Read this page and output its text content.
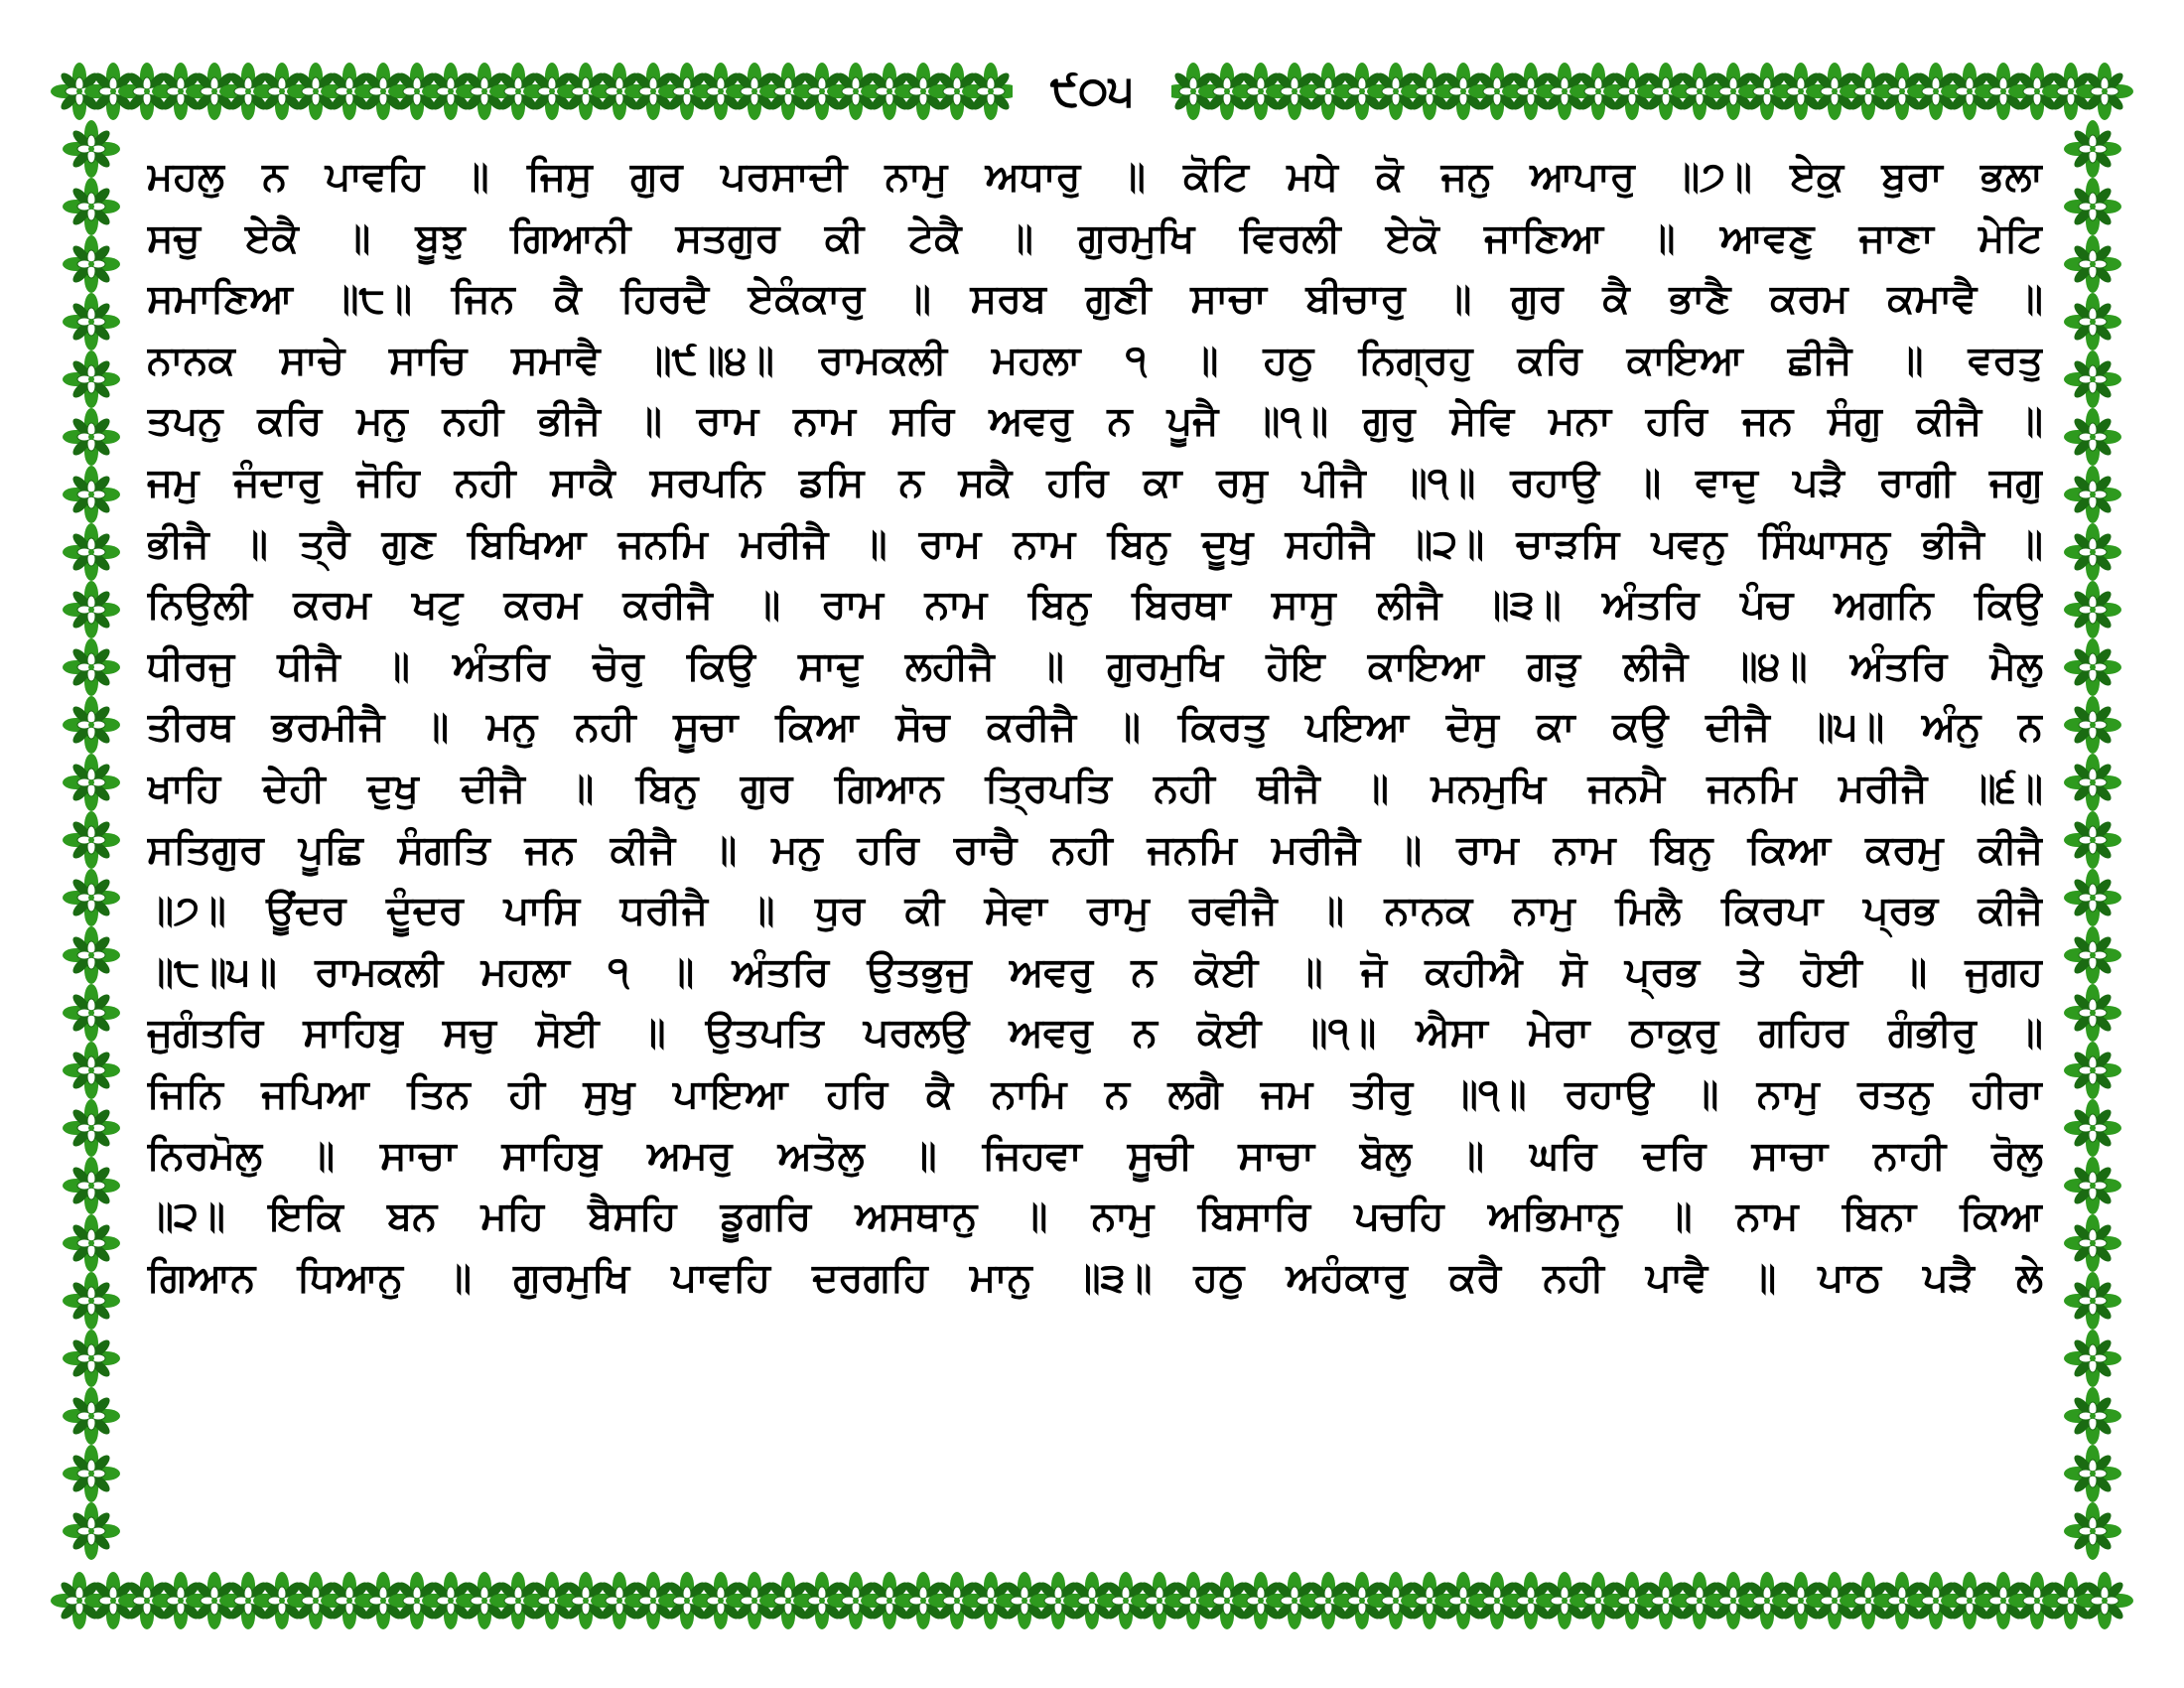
੯੦੫
ਮਹਲੁ ਨ ਪਾਵਹਿ ॥ ਜਿਸੁ ਗੁਰ ਪਰਸਾਦੀ ਨਾਮੁ ਅਧਾਰੁ ॥ ਕੋਟਿ ਮਧੇ ਕੋ ਜਨੁ ਆਪਾਰੁ ॥੭॥ ਏਕੁ ਬੁਰਾ ਭਲਾ
ਸਚੁ ਏਕੈ ॥ ਬੂਝੁ ਗਿਆਨੀ ਸਤਗੁਰ ਕੀ ਟੇਕੈ ॥ ਗੁਰਮੁਖਿ ਵਿਰਲੀ ਏਕੋ ਜਾਣਿਆ ॥ ਆਵਣੁ ਜਾਣਾ ਮੇਟਿ
ਸਮਾਣਿਆ ॥੮॥ ਜਿਨ ਕੈ ਹਿਰਦੈ ਏਕੰਕਾਰੁ ॥ ਸਰਬ ਗੁਣੀ ਸਾਚਾ ਬੀਚਾਰੁ ॥ ਗੁਰ ਕੈ ਭਾਣੈ ਕਰਮ ਕਮਾਵੈ ॥
ਨਾਨਕ ਸਾਚੇ ਸਾਚਿ ਸਮਾਵੈ ॥੯॥੪॥ ਰਾਮਕਲੀ ਮਹਲਾ ੧ ॥ ਹਠੁ ਨਿਗ੍ਰਹੁ ਕਰਿ ਕਾਇਆ ਛੀਜੈ ॥ ਵਰਤੁ
ਤਪਨੁ ਕਰਿ ਮਨੁ ਨਹੀ ਭੀਜੈ ॥ ਰਾਮ ਨਾਮ ਸਰਿ ਅਵਰੁ ਨ ਪੂਜੈ ॥੧॥ ਗੁਰੁ ਸੇਵਿ ਮਨਾ ਹਰਿ ਜਨ ਸੰਗੁ ਕੀਜੈ ॥
ਜਮੁ ਜੰਦਾਰੁ ਜੋਹਿ ਨਹੀ ਸਾਕੈ ਸਰਪਨਿ ਡਸਿ ਨ ਸਕੈ ਹਰਿ ਕਾ ਰਸੁ ਪੀਜੈ ॥੧॥ ਰਹਾਉ ॥ ਵਾਦੁ ਪੜੈ ਰਾਗੀ ਜਗੁ
ਭੀਜੈ ॥ ਤ੍ਰੈ ਗੁਣ ਬਿਖਿਆ ਜਨਮਿ ਮਰੀਜੈ ॥ ਰਾਮ ਨਾਮ ਬਿਨੁ ਦੂਖੁ ਸਹੀਜੈ ॥੨॥ ਚਾੜਸਿ ਪਵਨੁ ਸਿੰਘਾਸਨੁ ਭੀਜੈ ॥
ਨਿਉਲੀ ਕਰਮ ਖਟੁ ਕਰਮ ਕਰੀਜੈ ॥ ਰਾਮ ਨਾਮ ਬਿਨੁ ਬਿਰਥਾ ਸਾਸੁ ਲੀਜੈ ॥੩॥ ਅੰਤਰਿ ਪੰਚ ਅਗਨਿ ਕਿਉ
ਧੀਰਜੁ ਧੀਜੈ ॥ ਅੰਤਰਿ ਚੋਰੁ ਕਿਉ ਸਾਦੁ ਲਹੀਜੈ ॥ ਗੁਰਮੁਖਿ ਹੋਇ ਕਾਇਆ ਗੜੁ ਲੀਜੈ ॥੪॥ ਅੰਤਰਿ ਮੈਲੁ
ਤੀਰਥ ਭਰਮੀਜੈ ॥ ਮਨੁ ਨਹੀ ਸੂਚਾ ਕਿਆ ਸੋਚ ਕਰੀਜੈ ॥ ਕਿਰਤੁ ਪਇਆ ਦੋਸੁ ਕਾ ਕਉ ਦੀਜੈ ॥੫॥ ਅੰਨੁ ਨ
ਖਾਹਿ ਦੇਹੀ ਦੁਖੁ ਦੀਜੈ ॥ ਬਿਨੁ ਗੁਰ ਗਿਆਨ ਤ੍ਰਿਪਤਿ ਨਹੀ ਥੀਜੈ ॥ ਮਨਮੁਖਿ ਜਨਮੈ ਜਨਮਿ ਮਰੀਜੈ ॥੬॥
ਸਤਿਗੁਰ ਪੂਛਿ ਸੰਗਤਿ ਜਨ ਕੀਜੈ ॥ ਮਨੁ ਹਰਿ ਰਾਚੈ ਨਹੀ ਜਨਮਿ ਮਰੀਜੈ ॥ ਰਾਮ ਨਾਮ ਬਿਨੁ ਕਿਆ ਕਰਮੁ ਕੀਜੈ
॥੭॥ ਊਂਦਰ ਦੂੰਦਰ ਪਾਸਿ ਧਰੀਜੈ ॥ ਧੁਰ ਕੀ ਸੇਵਾ ਰਾਮੁ ਰਵੀਜੈ ॥ ਨਾਨਕ ਨਾਮੁ ਮਿਲੈ ਕਿਰਪਾ ਪ੍ਰਭ ਕੀਜੈ
॥੮॥੫॥ ਰਾਮਕਲੀ ਮਹਲਾ ੧ ॥ ਅੰਤਰਿ ਉਤਭੁਜੁ ਅਵਰੁ ਨ ਕੋਈ ॥ ਜੋ ਕਹੀਐ ਸੋ ਪ੍ਰਭ ਤੇ ਹੋਈ ॥ ਜੁਗਹ
ਜੁਗੰਤਰਿ ਸਾਹਿਬੁ ਸਚੁ ਸੋਈ ॥ ਉਤਪਤਿ ਪਰਲਉ ਅਵਰੁ ਨ ਕੋਈ ॥੧॥ ਐਸਾ ਮੇਰਾ ਠਾਕੁਰੁ ਗਹਿਰ ਗੰਭੀਰੁ ॥
ਜਿਨਿ ਜਪਿਆ ਤਿਨ ਹੀ ਸੁਖੁ ਪਾਇਆ ਹਰਿ ਕੈ ਨਾਮਿ ਨ ਲਗੈ ਜਮ ਤੀਰੁ ॥੧॥ ਰਹਾਉ ॥ ਨਾਮੁ ਰਤਨੁ ਹੀਰਾ
ਨਿਰਮੋਲੁ ॥ ਸਾਚਾ ਸਾਹਿਬੁ ਅਮਰੁ ਅਤੋਲੁ ॥ ਜਿਹਵਾ ਸੂਚੀ ਸਾਚਾ ਬੋਲੁ ॥ ਘਰਿ ਦਰਿ ਸਾਚਾ ਨਾਹੀ ਰੋਲੁ
॥੨॥ ਇਕਿ ਬਨ ਮਹਿ ਬੈਸਹਿ ਡੂਗਰਿ ਅਸਥਾਨੁ ॥ ਨਾਮੁ ਬਿਸਾਰਿ ਪਚਹਿ ਅਭਿਮਾਨੁ ॥ ਨਾਮ ਬਿਨਾ ਕਿਆ
ਗਿਆਨ ਧਿਆਨੁ ॥ ਗੁਰਮੁਖਿ ਪਾਵਹਿ ਦਰਗਹਿ ਮਾਨੁ ॥੩॥ ਹਠੁ ਅਹੰਕਾਰੁ ਕਰੈ ਨਹੀ ਪਾਵੈ ॥ ਪਾਠ ਪੜੈ ਲੇ
